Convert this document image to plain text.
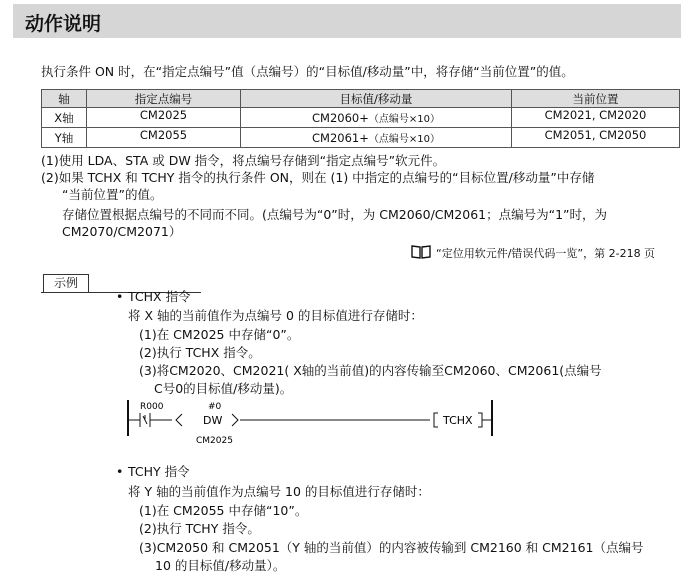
动作说明
执行条件 ON 时，在“指定点编号”值（点编号）的“目标值/移动量”中，将存储“当前位置”的值。
轴	指定点编号	目标值/移动量	当前位置
X轴	CM2025	CM2060+（点编号×10）	CM2021, CM2020
Y轴	CM2055	CM2061+（点编号×10）	CM2051, CM2050
(1)使用 LDA、STA 或 DW 指令，将点编号存储到“指定点编号”软元件。
(2)如果 TCHX 和 TCHY 指令的执行条件 ON，则在 (1) 中指定的点编号的“目标位置/移动量”中存储
“当前位置”的值。
存储位置根据点编号的不同而不同。(点编号为“0”时，为 CM2060/CM2061；点编号为“1”时，为
CM2070/CM2071）
“定位用软元件/错误代码一览”，第 2-218 页
示例
• TCHX 指令
将 X 轴的当前值作为点编号 0 的目标值进行存储时：
(1)在 CM2025 中存储“0”。
(2)执行 TCHX 指令。
(3)将CM2020、CM2021( X轴的当前值)的内容传输至CM2060、CM2061(点编号
C号0的目标值/移动量)。
R000	#0
DW
CM2025
TCHX
• TCHY 指令
将 Y 轴的当前值作为点编号 10 的目标值进行存储时：
(1)在 CM2055 中存储“10”。
(2)执行 TCHY 指令。
(3)CM2050 和 CM2051（Y 轴的当前值）的内容被传输到 CM2160 和 CM2161（点编号
10 的目标值/移动量）。
